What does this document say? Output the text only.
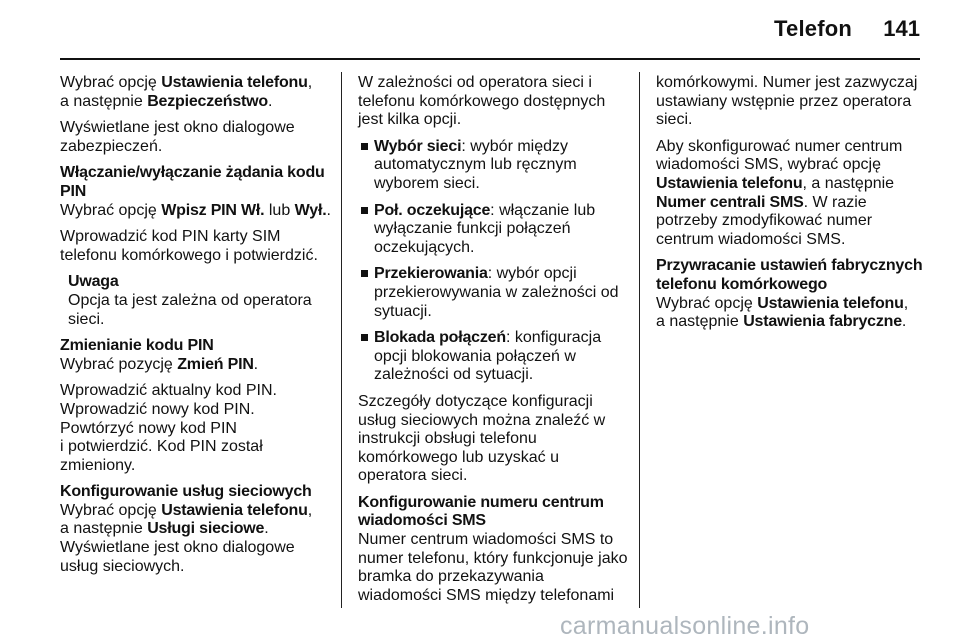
Telefon 141

Wybrać opcję Ustawienia telefonu,
a następnie Bezpieczeństwo.

Wyświetlane jest okno dialogowe zabezpieczeń.

Włączanie/wyłączanie żądania kodu PIN

Wybrać opcję Wpisz PIN Wł. lub Wył..

Wprowadzić kod PIN karty SIM telefonu komórkowego i potwierdzić.

Uwaga
Opcja ta jest zależna od operatora sieci.
Zmienianie kodu PIN

Wybrać pozycję Zmień PIN.

Wprowadzić aktualny kod PIN.
Wprowadzić nowy kod PIN.
Powtórzyć nowy kod PIN
i potwierdzić. Kod PIN został zmieniony.

Konfigurowanie usług sieciowych

Wybrać opcję Ustawienia telefonu,
a następnie Usługi sieciowe.
Wyświetlane jest okno dialogowe usług sieciowych.

W zależności od operatora sieci i telefonu komórkowego dostępnych jest kilka opcji.

Wybór sieci: wybór między automatycznym lub ręcznym wyborem sieci.
Poł. oczekujące: włączanie lub wyłączanie funkcji połączeń oczekujących.
Przekierowania: wybór opcji przekierowywania w zależności od sytuacji.
Blokada połączeń: konfiguracja opcji blokowania połączeń w zależności od sytuacji.

Szczegóły dotyczące konfiguracji usług sieciowych można znaleźć w instrukcji obsługi telefonu komórkowego lub uzyskać u operatora sieci.

Konfigurowanie numeru centrum wiadomości SMS

Numer centrum wiadomości SMS to numer telefonu, który funkcjonuje jako bramka do przekazywania wiadomości SMS między telefonami

komórkowymi. Numer jest zazwyczaj ustawiany wstępnie przez operatora sieci.

Aby skonfigurować numer centrum wiadomości SMS, wybrać opcję Ustawienia telefonu, a następnie Numer centrali SMS. W razie potrzeby zmodyfikować numer centrum wiadomości SMS.

Przywracanie ustawień fabrycznych telefonu komórkowego

Wybrać opcję Ustawienia telefonu,
a następnie Ustawienia fabryczne.

carmanualsonline.info
